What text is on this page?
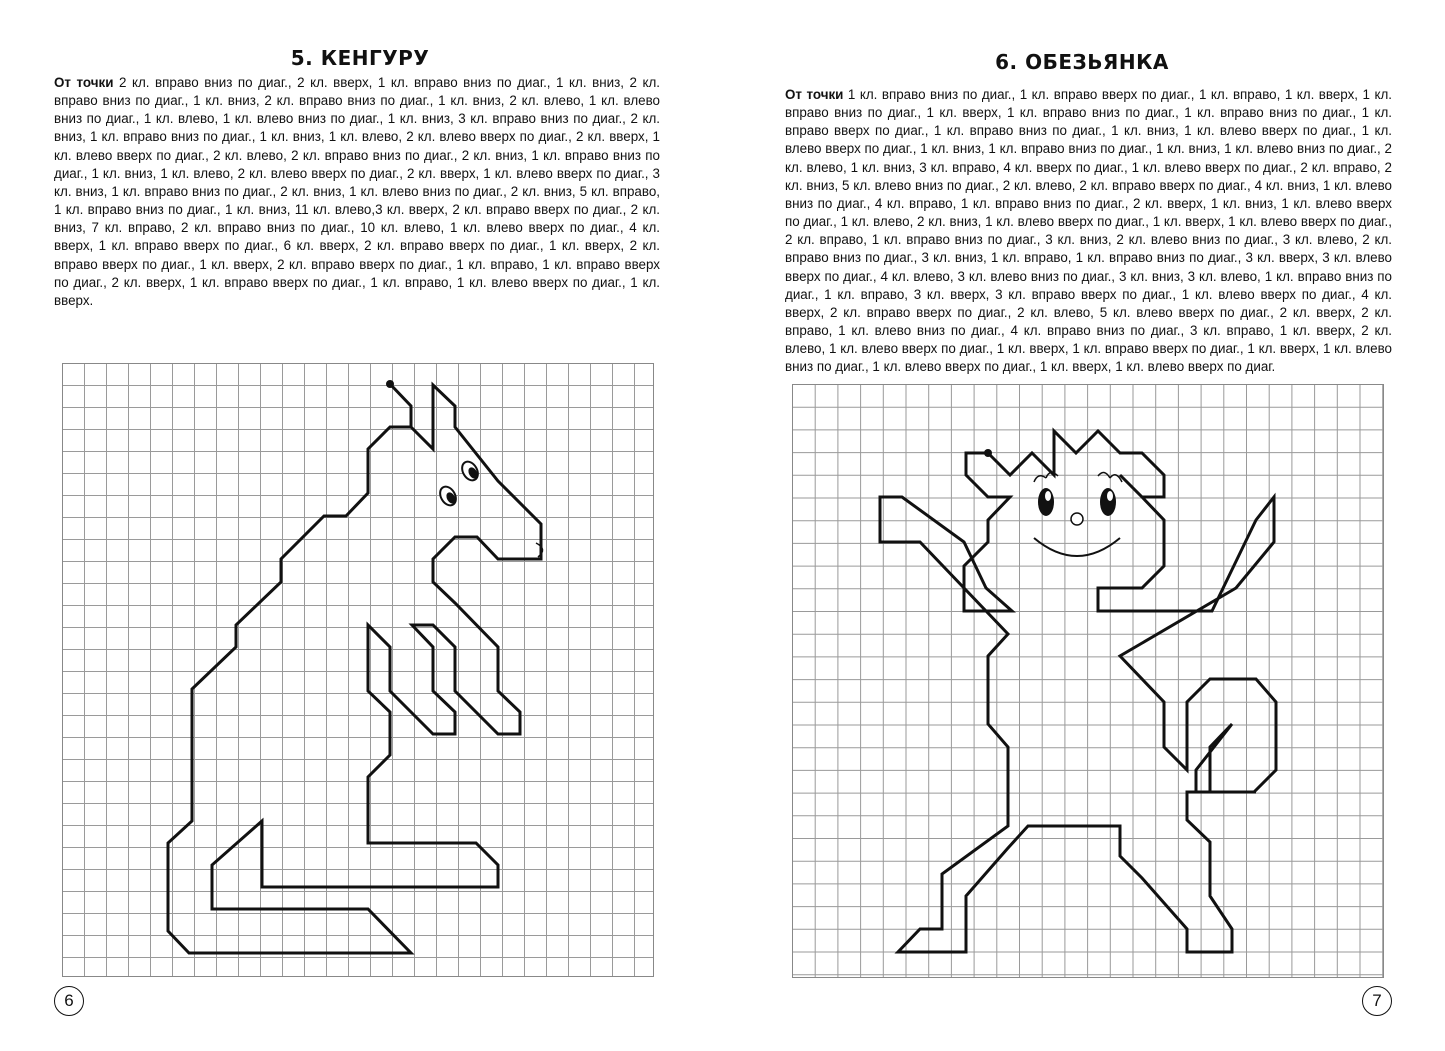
5. КЕНГУРУ
От точки 2 кл. вправо вниз по диаг., 2 кл. вверх, 1 кл. вправо вниз по диаг., 1 кл. вниз, 2 кл. вправо вниз по диаг., 1 кл. вниз, 2 кл. вправо вниз по диаг., 1 кл. вниз, 2 кл. влево, 1 кл. влево вниз по диаг., 1 кл. влево, 1 кл. влево вниз по диаг., 1 кл. вниз, 3 кл. вправо вниз по диаг., 2 кл. вниз, 1 кл. вправо вниз по диаг., 1 кл. вниз, 1 кл. влево, 2 кл. влево вверх по диаг., 2 кл. вверх, 1 кл. влево вверх по диаг., 2 кл. влево, 2 кл. вправо вниз по диаг., 2 кл. вниз, 1 кл. вправо вниз по диаг., 1 кл. вниз, 1 кл. влево, 2 кл. влево вверх по диаг., 2 кл. вверх, 1 кл. влево вверх по диаг., 3 кл. вниз, 1 кл. вправо вниз по диаг., 2 кл. вниз, 1 кл. влево вниз по диаг., 2 кл. вниз, 5 кл. вправо, 1 кл. вправо вниз по диаг., 1 кл. вниз, 11 кл. влево,3 кл. вверх, 2 кл. вправо вверх по диаг., 2 кл. вниз, 7 кл. вправо, 2 кл. вправо вниз по диаг., 10 кл. влево, 1 кл. влево вверх по диаг., 4 кл. вверх, 1 кл. вправо вверх по диаг., 6 кл. вверх, 2 кл. вправо вверх по диаг., 1 кл. вверх, 2 кл. вправо вверх по диаг., 1 кл. вверх, 2 кл. вправо вверх по диаг., 1 кл. вправо, 1 кл. вправо вверх по диаг., 2 кл. вверх, 1 кл. вправо вверх по диаг., 1 кл. вправо, 1 кл. влево вверх по диаг., 1 кл. вверх.
6
6. ОБЕЗЬЯНКА
От точки 1 кл. вправо вниз по диаг., 1 кл. вправо вверх по диаг., 1 кл. вправо, 1 кл. вверх, 1 кл. вправо вниз по диаг., 1 кл. вверх, 1 кл. вправо вниз по диаг., 1 кл. вправо вниз по диаг., 1 кл. вправо вверх по диаг., 1 кл. вправо вниз по диаг., 1 кл. вниз, 1 кл. влево вверх по диаг., 1 кл. влево вверх по диаг., 1 кл. вниз, 1 кл. вправо вниз по диаг., 1 кл. вниз, 1 кл. влево вниз по диаг., 2 кл. влево, 1 кл. вниз, 3 кл. вправо, 4 кл. вверх по диаг., 1 кл. влево вверх по диаг., 2 кл. вправо, 2 кл. вниз, 5 кл. влево вниз по диаг., 2 кл. влево, 2 кл. вправо вверх по диаг., 4 кл. вниз, 1 кл. влево вниз по диаг., 4 кл. вправо, 1 кл. вправо вниз по диаг., 2 кл. вверх, 1 кл. вниз, 1 кл. влево вверх по диаг., 1 кл. влево, 2 кл. вниз, 1 кл. влево вверх по диаг., 1 кл. вверх, 1 кл. влево вверх по диаг., 2 кл. вправо, 1 кл. вправо вниз по диаг., 3 кл. вниз, 2 кл. влево вниз по диаг., 3 кл. влево, 2 кл. вправо вниз по диаг., 3 кл. вниз, 1 кл. вправо, 1 кл. вправо вниз по диаг., 3 кл. вверх, 3 кл. влево вверх по диаг., 4 кл. влево, 3 кл. влево вниз по диаг., 3 кл. вниз, 3 кл. влево, 1 кл. вправо вниз по диаг., 1 кл. вправо, 3 кл. вверх, 3 кл. вправо вверх по диаг., 1 кл. влево вверх по диаг., 4 кл. вверх, 2 кл. вправо вверх по диаг., 2 кл. влево, 5 кл. влево вверх по диаг., 2 кл. вверх, 2 кл. вправо, 1 кл. влево вниз по диаг., 4 кл. вправо вниз по диаг., 3 кл. вправо, 1 кл. вверх, 2 кл. влево, 1 кл. влево вверх по диаг., 1 кл. вверх, 1 кл. вправо вверх по диаг., 1 кл. вверх, 1 кл. влево вниз по диаг., 1 кл. влево вверх по диаг., 1 кл. вверх, 1 кл. влево вверх по диаг.
7
